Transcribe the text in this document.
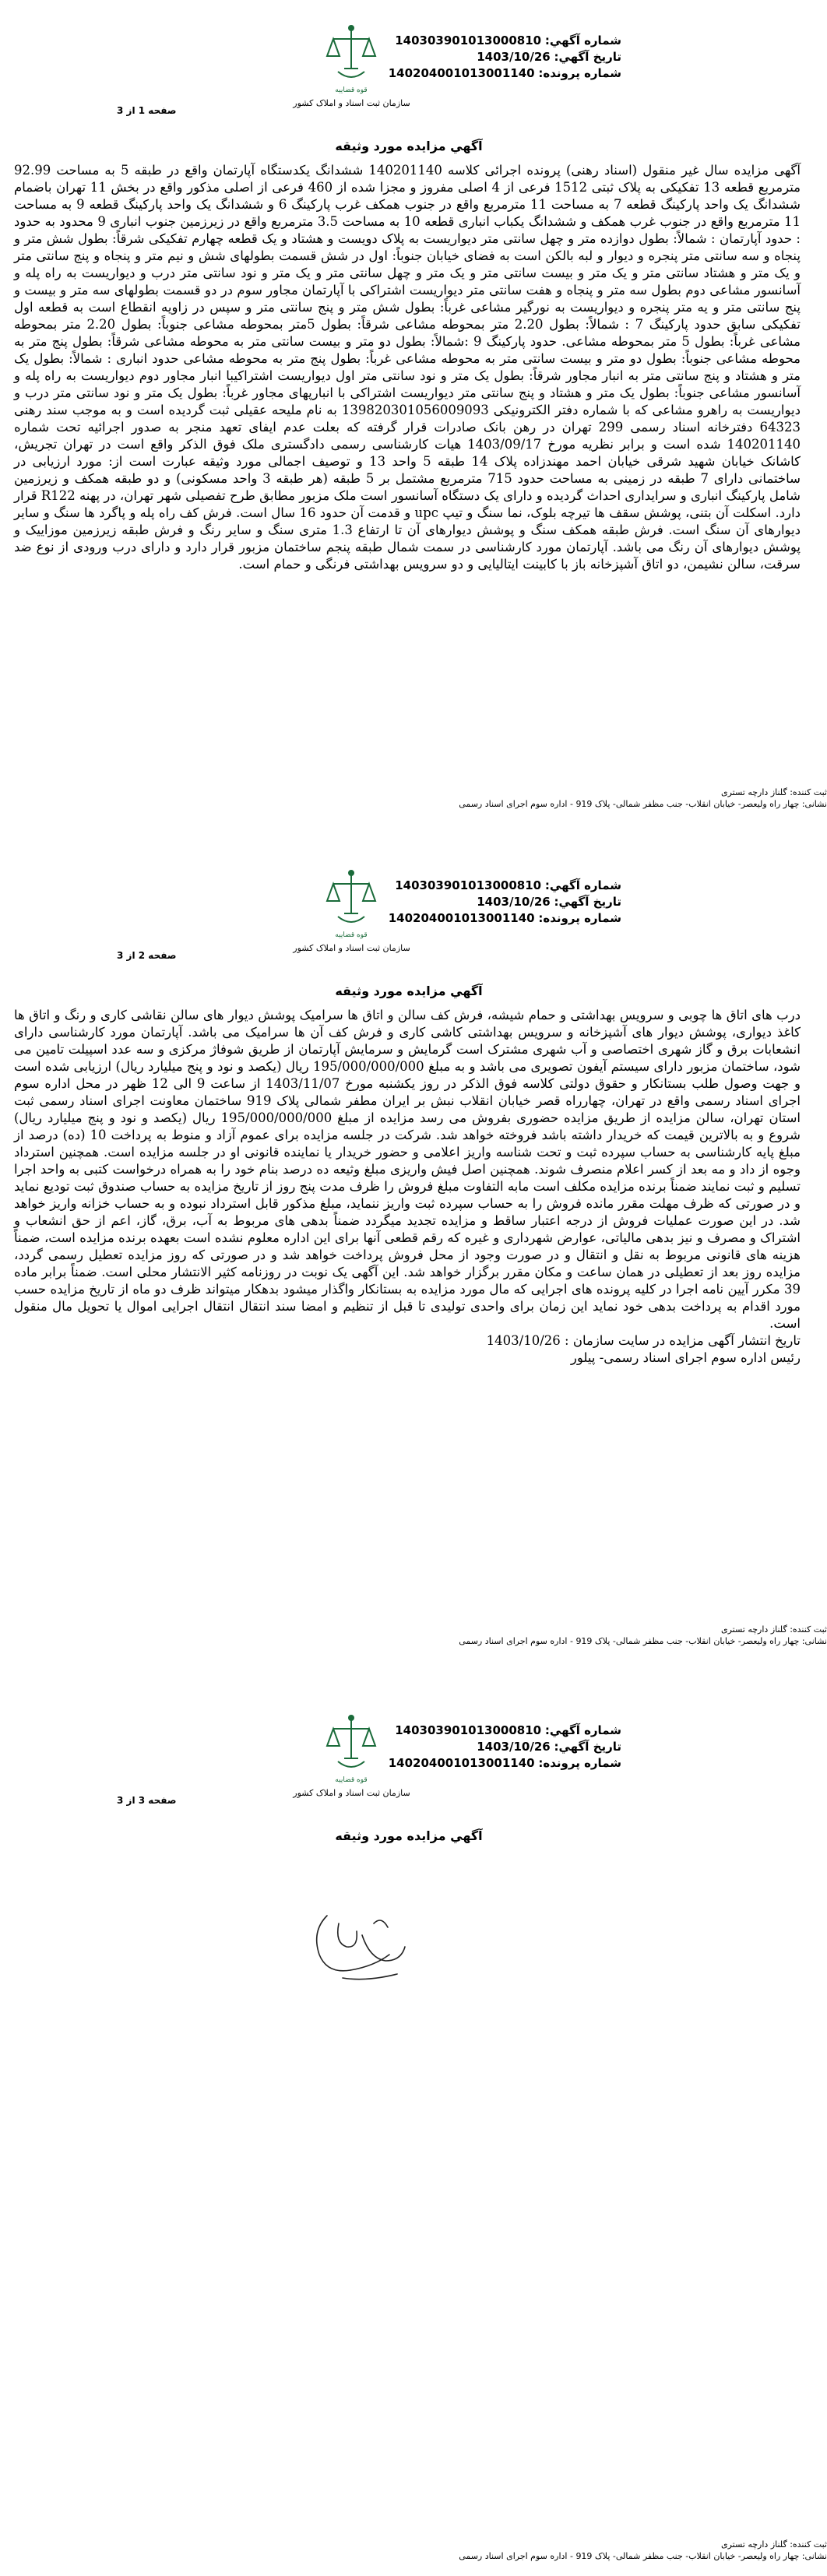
شماره آگهي: 140303901013000810
تاريخ آگهي: 1403/10/26
شماره پرونده: 140204001013001140
قوه قضاییه
سازمان ثبت اسناد و املاک کشور
صفحه 1 از 3
آگهي مزايده مورد وثيقه

آگهی مزایده سال غیر منقول (اسناد رهنی) پرونده اجرائی کلاسه 140201140 ششدانگ یکدستگاه آپارتمان واقع در طبقه 5 به مساحت 92.99 مترمربع قطعه 13 تفکیکی به پلاک ثبتی 1512 فرعی از 4 اصلی مفروز و مجزا شده از 460 فرعی از اصلی مذکور واقع در بخش 11 تهران باضمام ششدانگ یک واحد پارکینگ قطعه 7 به مساحت 11 مترمربع واقع در جنوب همکف غرب پارکینگ 6 و ششدانگ یک واحد پارکینگ قطعه 9 به مساحت 11 مترمربع واقع در جنوب غرب همکف و ششدانگ یکباب انباری قطعه 10 به مساحت 3.5 مترمربع واقع در زیرزمین جنوب انباری 9 محدود به حدود : حدود آپارتمان : شمالاً: بطول دوازده متر و چهل سانتی متر دیواریست به پلاک دویست و هشتاد و یک قطعه چهارم تفکیکی شرقاً: بطول شش متر و پنجاه و سه سانتی متر پنجره و دیوار و لبه بالکن است به فضای خیابان جنوباً: اول در شش قسمت بطولهای شش و نیم متر و پنجاه و پنج سانتی متر و یک متر و هشتاد سانتی متر و یک متر و بیست سانتی متر و یک متر و چهل سانتی متر و یک متر و نود سانتی متر درب و دیواریست به راه پله و آسانسور مشاعی دوم بطول سه متر و پنجاه و هفت سانتی متر دیواریست اشتراکی با آپارتمان مجاور سوم در دو قسمت بطولهای سه متر و بیست و پنج سانتی متر و یه متر پنجره و دیواریست به نورگیر مشاعی غرباً: بطول شش متر و پنج سانتی متر و سپس در زاویه انقطاع است به قطعه اول تفکیکی سابق حدود پارکینگ 7 : شمالاً: بطول 2.20 متر بمحوطه مشاعی شرقاً: بطول 5متر بمحوطه مشاعی جنوباً: بطول 2.20 متر بمحوطه مشاعی غرباً: بطول 5 متر بمحوطه مشاعی. حدود پارکینگ 9 :شمالاً: بطول دو متر و بیست سانتی متر به محوطه مشاعی شرقاً: بطول پنج متر به محوطه مشاعی جنوباً: بطول دو متر و بیست سانتی متر به محوطه مشاعی غرباً: بطول پنج متر به محوطه مشاعی حدود انباری : شمالاً: بطول یک متر و هشتاد و پنج سانتی متر به انبار مجاور شرقاً: بطول یک متر و نود سانتی متر اول دیواریست اشتراکیبا انبار مجاور دوم دیواریست به راه پله و آسانسور مشاعی جنوباً: بطول یک متر و هشتاد و پنج سانتی متر دیواریست اشتراکی با انبارپهای مجاور غرباً: بطول یک متر و نود سانتی متر درب و دیواریست به راهرو مشاعی که با شماره دفتر الکترونیکی 139820301056009093 به نام ملیحه عقیلی ثبت گردیده است و به موجب سند رهنی 64323 دفترخانه اسناد رسمی 299 تهران در رهن بانک صادرات قرار گرفته که بعلت عدم ایفای تعهد منجر به صدور اجرائیه تحت شماره 140201140 شده است و برابر نظریه مورخ 1403/09/17 هیات کارشناسی رسمی دادگستری ملک فوق الذکر واقع است در تهران تجریش، کاشانک خیابان شهید شرقی خیابان احمد مهندزاده پلاک 14 طبقه 5 واحد 13 و توصیف اجمالی مورد وثیقه عبارت است از: مورد ارزیابی در ساختمانی دارای 7 طبقه در زمینی به مساحت حدود 715 مترمربع مشتمل بر 5 طبقه (هر طبقه 3 واحد مسکونی) و دو طبقه همکف و زیرزمین شامل پارکینگ انباری و سرایداری احداث گردیده و دارای یک دستگاه آسانسور است ملک مزبور مطابق طرح تفصیلی شهر تهران، در پهنه R122 قرار دارد. اسکلت آن بتنی، پوشش سقف ها تیرچه بلوک، نما سنگ و تیپ upc و قدمت آن حدود 16 سال است. فرش کف راه پله و پاگرد ها سنگ و سایر دیوارهای آن سنگ است. فرش طبقه همکف سنگ و پوشش دیوارهای آن تا ارتفاع 1.3 متری سنگ و سایر رنگ و فرش طبقه زیرزمین موزاییک و پوشش دیوارهای آن رنگ می باشد. آپارتمان مورد کارشناسی در سمت شمال طبقه پنجم ساختمان مزبور قرار دارد و دارای درب ورودی از نوع ضد سرقت، سالن نشیمن، دو اتاق آشپزخانه باز با کابینت ایتالیایی و دو سرویس بهداشتی فرنگی و حمام است.

ثبت کننده: گلناز دارچه تستری
نشانی: چهار راه ولیعصر- خیابان انقلاب- جنب مظفر شمالی- پلاک 919 - اداره سوم اجرای اسناد رسمی
شماره آگهي: 140303901013000810
تاريخ آگهي: 1403/10/26
شماره پرونده: 140204001013001140
قوه قضاییه
سازمان ثبت اسناد و املاک کشور
صفحه 2 از 3
آگهي مزايده مورد وثيقه

درب های اتاق ها چوبی و سرویس بهداشتی و حمام شیشه، فرش کف سالن و اتاق ها سرامیک پوشش دیوار های سالن نقاشی کاری و رنگ و اتاق ها کاغذ دیواری، پوشش دیوار های آشپزخانه و سرویس بهداشتی کاشی کاری و فرش کف آن ها سرامیک می باشد. آپارتمان مورد کارشناسی دارای انشعابات برق و گاز شهری اختصاصی و آب شهری مشترک است گرمایش و سرمایش آپارتمان از طریق شوفاژ مرکزی و سه عدد اسپیلت تامین می شود، ساختمان مزبور دارای سیستم آیفون تصویری می باشد و به مبلغ 195/000/000/000 ریال (یکصد و نود و پنج میلیارد ریال) ارزیابی شده است و جهت وصول طلب بستانکار و حقوق دولتی کلاسه فوق الذکر در روز یکشنبه مورخ 1403/11/07 از ساعت 9 الی 12 ظهر در محل اداره سوم اجرای اسناد رسمی واقع در تهران، چهارراه قصر خیابان انقلاب نبش بر ایران مطفر شمالی پلاک 919 ساختمان معاونت اجرای اسناد رسمی ثبت استان تهران، سالن مزایده از طریق مزایده حضوری بفروش می رسد مزایده از مبلغ 195/000/000/000 ریال (یکصد و نود و پنج میلیارد ریال) شروع و به بالاترین قیمت که خریدار داشته باشد فروخته خواهد شد. شرکت در جلسه مزایده برای عموم آزاد و منوط به پرداخت 10 (ده) درصد از مبلغ پایه کارشناسی به حساب سپرده ثبت و تحت شناسه واریز اعلامی و حضور خریدار یا نماینده قانونی او در جلسه مزایده است. همچنین استرداد وجوه از داد و مه بعد از کسر اعلام منصرف شوند. همچنین اصل فیش واریزی مبلغ وثیعه ده درصد بنام خود را به همراه درخواست کتبی به واحد اجرا تسلیم و ثبت نمایند ضمناً برنده مزایده مکلف است مابه التفاوت مبلغ فروش را ظرف مدت پنج روز از تاریخ مزایده به حساب صندوق ثبت تودیع نماید و در صورتی که ظرف مهلت مقرر مانده فروش را به حساب سپرده ثبت واریز ننماید، مبلغ مذکور قابل استرداد نبوده و به حساب خزانه واریز خواهد شد. در این صورت عملیات فروش از درجه اعتبار ساقط و مزایده تجدید میگردد ضمناً بدهی های مربوط به آب، برق، گاز، اعم از حق انشعاب و اشتراک و مصرف و نیز بدهی مالیاتی، عوارض شهرداری و غیره که رقم قطعی آنها برای این اداره معلوم نشده است بعهده برنده مزایده است، ضمناً هزینه های قانونی مربوط به نقل و انتقال و در صورت وجود از محل فروش پرداخت خواهد شد و در صورتی که روز مزایده تعطیل رسمی گردد، مزایده روز بعد از تعطیلی در همان ساعت و مکان مقرر برگزار خواهد شد. این آگهی یک نوبت در روزنامه کثیر الانتشار محلی است. ضمناً برابر ماده 39 مکرر آیین نامه اجرا در کلیه پرونده های اجرایی که مال مورد مزایده به بستانکار واگذار میشود بدهکار میتواند ظرف دو ماه از تاریخ مزایده حسب مورد اقدام به پرداخت بدهی خود نماید این زمان برای واحدی تولیدی تا قبل از تنظیم و امضا سند انتقال انتقال اجرایی اموال یا تحویل مال منقول است.

تاریخ انتشار آگهی مزایده در سایت سازمان : 1403/10/26

رئیس اداره سوم اجرای اسناد رسمی- پیلور

ثبت کننده: گلناز دارچه تستری
نشانی: چهار راه ولیعصر- خیابان انقلاب- جنب مظفر شمالی- پلاک 919 - اداره سوم اجرای اسناد رسمی
شماره آگهي: 140303901013000810
تاريخ آگهي: 1403/10/26
شماره پرونده: 140204001013001140
قوه قضاییه
سازمان ثبت اسناد و املاک کشور
صفحه 3 از 3
آگهي مزايده مورد وثيقه
ثبت کننده: گلناز دارچه تستری
نشانی: چهار راه ولیعصر- خیابان انقلاب- جنب مظفر شمالی- پلاک 919 - اداره سوم اجرای اسناد رسمی
